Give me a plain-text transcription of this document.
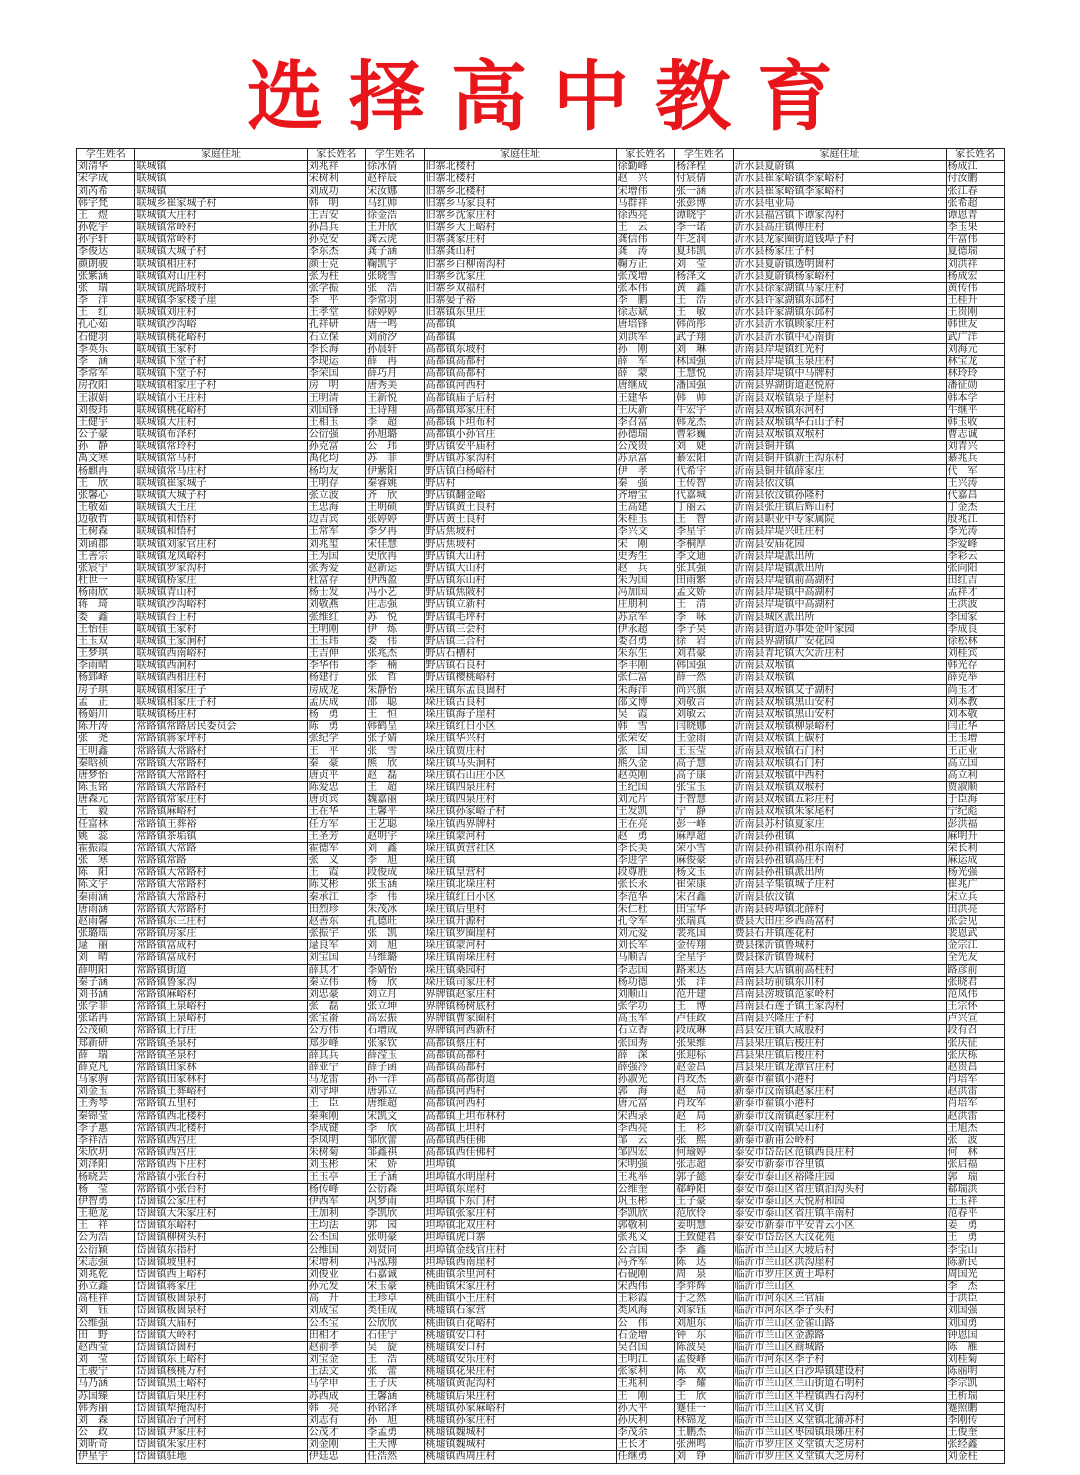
选择高中教育
学生姓名	家庭住址	家长姓名	学生姓名	家庭住址	家长姓名	学生姓名	家庭住址	家长姓名
刘清华	联城镇	刘兆祥	徐冰倩	旧寨北楼村	徐勤峰	杨泽程	沂水县夏蔚镇	杨成江
宋学成	联城镇	宋树利	赵梓辰	旧寨北楼村	赵　兴	付宸倩	沂水县崔家峪镇李家峪村	付汝鹏
刘芮希	联城镇	刘成功	宋汝娜	旧寨乡北楼村	宋增伟	张一涵	沂水县崔家峪镇李家峪村	张江春
韩宇梵	联城乡崔家城子村	韩　明	马红帅	旧寨乡马家良村	马群祥	张彭博	沂水县电业局	张希超
王　煜	联城镇大庄村	王吉安	徐金浩	旧寨乡沈家庄村	徐西亮	谭晓宇	沂水县福宫镇下谭家沟村	谭恩青
孙乾宇	联城镇常岭村	孙昌兵	王开欣	旧寨乡大上峪村	王　云	李一诺	沂水县高庄镇傅庄村	李玉果
孙宇轩	联城镇常岭村	孙克安	龚云虎	旧寨龚家庄村	龚信伟	牛芝润	沂水县龙家圈街道钱埠子村	牛富伟
李俊达	联城镇大城子村	李东杰	龚子涵	旧寨龚山村	龚　涛	夏玮凯	沂水县杨家庄子村	夏德瑞
颜朗骏	联城镇相庄村	颜士克	鞠凯宇	旧寨乡白柳南沟村	鞠方正	刘　莹	沂水县夏蔚镇透明崮村	刘洪祥
张紫涵	联城镇对山庄村	张为柱	张晓雪	旧寨乡沈家庄	张茂增	杨泽文	沂水县夏蔚镇杨家峪村	杨成宏
张　瑞	联城镇虎路坡村	张学振	张　浩	旧寨乡双福村	张本伟	黄　鑫	沂水县徐家湖镇马家庄村	黄传伟
李　洋	联城镇李家楼子崖	李　平	李常羽	旧寨晏子裕	李　鹏	王　浩	沂水县许家湖镇东邱村	王桂升
王　红	联城镇刘庄村	王孝堂	徐婷婷	旧寨镇东里庄	徐志斌	王　敏	沂水县许家湖镇东邱村	王贵刚
孔心茹	联城镇沙沟峪	孔祥研	唐一鸣	高都镇	唐培锋	韩尚彤	沂水县沂水镇顾家庄村	韩世友
石健羽	联城镇桃花峪村	石立保	刘俞汐	高都镇	刘洪军	武子翔	沂水县沂水镇中心南街	武广洋
李英乐	联城镇王家村	李长海	孙晨轩	高都镇东坡村	孙　刚	刘　琳	沂南县岸堤镇红光村	刘海元
李　涵	联城镇下堂子村	李现运	薛　冉	高都镇高都村	薛　军	林国强	沂南县岸堤镇玉泉庄村	林宝龙
李常军	联城镇下堂子村	李荣国	薛巧月	高都镇高都村	薛　蒙	王慧悦	沂南县岸堤镇中马牌村	林玲玲
房孜阳	联城镇相家庄子村	房　明	唐秀美	高都镇河西村	唐继成	潘国强	沂南县界湖街道赵悦府	潘征勋
王淑娟	联城镇小王庄村	王明清	王新悦	高都镇庙子后村	王建华	韩　帅	沂南县双堠镇泉子崖村	韩本学
刘俊玮	联城镇桃花峪村	刘国锋	王诗翔	高都镇郑家庄村	王庆新	牛宏宇	沂南县双堠镇东河村	牛继平
王健宇	联城镇大庄村	王相玉	李　超	高都镇下坦布村	李召富	韩龙杰	沂南县双堠镇华石山子村	韩玉收
公子豪	联城镇布泽村	公衍强	孙旭璐	高都镇小孙官庄	孙德瑞	曹彩巍	沂南县双堠镇双堠村	曹志诚
孙　静	联城镇常玲村	孙克富	公　玮	野店镇安平庙村	公茂贵	刘　婕	沂南县铜井镇	刘青兴
禹文寒	联城镇常马村	禹化均	苏　菲	野店镇苏家沟村	苏京富	綦宏阳	沂南县铜井镇新王沟东村	綦兆兵
杨麒冉	联城镇常马庄村	杨均友	伊紫阳	野店镇白杨峪村	伊　孝	代希宇	沂南县铜井镇薛家庄	代　军
王　欣	联城镇崔家城子	王明存	秦睿姚	野店村	秦　强	王传智	沂南县依汶镇	王兴涛
张馨心	联城镇大城子村	张立波	齐　欣	野店镇翻金峪	齐增宝	代嘉城	沂南县依汶镇孙隆村	代嘉昌
王敬茹	联城镇大王庄	王忠海	王明硕	野店镇黄土良村	王高建	丁丽云	沂南县张庄镇后辉山村	丁金杰
边敬哲	联城镇和悟村	边吉宾	张婷婷	野店黄土良村	朱桂玉	王　智	沂南县职业中专家属院	殷兆江
王树森	联城镇和悟村	王常军	李夕冉	野店焦坡村	李兴文	李星宇	沂南县岸堤兴旺庄村	李光涛
刘函郡	联城镇刘家官庄村	刘兆玺	宋佳慧	野店焦坡村	宋　刚	李桐厚	沂南县安庙花园	李爱峰
王善宗	联城镇龙凤峪村	王为国	史欣冉	野店镇大山村	史秀生	李文迪	沂南县岸堤派出所	李彩云
张宸宁	联城镇罗家沟村	张秀爱	赵新运	野店镇大山村	赵　兵	张其强	沂南县岸堤镇派出所	张向阳
杜世一	联城镇桥家庄	杜富存	伊西盈	野店镇东山村	朱为国	田雨繁	沂南县岸堤镇前高湖村	田红吉
杨雨欣	联城镇青山村	杨士发	冯小艺	野店镇焦陂村	冯加国	孟文娇	沂南县岸堤镇中高湖村	孟祥才
蒋　琦	联城镇沙沟峪村	刘敬燕	庄志强	野店镇立新村	庄朋利	王　清	沂南县岸堤镇中高湖村	王洪波
娄　鑫	联城镇台上村	张维红	苏　悦	野店镇毛坪村	苏京军	李　咏	沂南县城区派出所	李国家
王怡佳	联城镇王家村	王明刚	伊　炼	野店镇三会村	伊永超	李子昊	沂南县街道办事处金叶家园	李成良
王玉双	联城镇王家涧村	王玉玮	娄　伟	野店镇三合村	娄召勇	徐　岩	沂南县界湖镇广安花园	徐松林
王梦琪	联城镇西南峪村	王吉伸	张兆杰	野店石槽村	朱东生	刘君豪	沂南县青坨镇大欠沂庄村	刘桂宾
李雨晴	联城镇西涧村	李华伟	李　楠	野店镇石良村	李丰刚	韩国强	沂南县双堠镇	韩光存
杨郅峰	联城镇西相庄村	杨建行	张　哲	野店镇樱桃峪村	张仁富	薛一然	沂南县双堠镇	薛克举
房子琪	联城镇相家庄子	房成龙	朱静怡	垛庄镇东孟良崮村	朱海洋	尚兴旗	沂南县双堠镇艾子湖村	尚玉才
孟　正	联城镇相家庄子村	孟庆成	邵　聪	垛庄镇古良村	邵文博	刘敬言	沂南县双堠镇黑山安村	刘本教
杨娟川	联城镇杨庄村	杨　勇	王　恒	垛庄镇海子崖村	吴　霞	刘敏云	沂南县双堠镇黑山安村	刘本敬
陈开涛	常路镇常路居民委员会	陈　勇	韩鹤呈	垛庄镇红日小区	韩　雪	闫晓娜	沂南县双堠镇柳泉峪村	闫正华
张　尧	常路镇蒋家坪村	张纪学	张子婧	垛庄镇华兴村	张荣安	王金雨	沂南县双堠镇上碳村	王玉增
王明鑫	常路镇大常路村	王　平	张　雪	垛庄镇贾庄村	张　国	王玉莹	沂南县双堠镇石门村	王正业
秦晗祯	常路镇大常路村	秦　豪	熊　欣	垛庄镇马头涧村	熊久金	高子慧	沂南县双堠镇石门村	高立国
唐梦怡	常路镇大常路村	唐贞平	赵　磊	垛庄镇石山庄小区	赵英刚	高子康	沂南县双堠镇中西村	高立利
陈玉铭	常路镇大常路村	陈爱忠	王　超	垛庄镇四泉庄村	王纪国	张宝玉	沂南县双堠镇双堠村	贾淑顺
唐森元	常路镇常家庄村	唐贞宾	魏嘉丽	垛庄镇四泉庄村	刘元片	于智慧	沂南县双堠镇五彩庄村	于臣海
王　毅	常路镇麻峪村	王在华	王馨平	垛庄镇孙家峪子村	王发凯	宁　静	沂南县双堠镇朱家尾村	宁纪彪
任富林	常路镇王葬裕	任方军	王艺聪	垛庄镇西界牌村	王在亮	彭一峰	沂南县苏村镇夏家庄	彭洪福
姚　蕊	常路镇茶垢镇	王圣芳	赵明宇	垛庄镇蒙河村	赵　勇	麻厚超	沂南县孙祖镇	麻明升
霍振霞	常路镇大常路	霍德军	刘　鑫	垛庄镇黄营社区	李长美	荣小雪	沂南县孙祖镇孙祖东南村	荣长利
张　寒	常路镇常路	张　义	李　旭	垛庄镇	李进学	麻俊豪	沂南县孙祖镇高庄村	麻运成
陈　阳	常路镇大常路村	王　霞	段俊成	垛庄镇皇营村	段尊胜	杨文玉	沂南县孙祖镇派出所	杨光强
陈文宇	常路镇大常路村	陈艾彬	张玉涵	垛庄镇北垛庄村	张长永	崔荣康	沂南县辛集镇城子庄村	崔兆广
秦雨涵	常路镇大常路村	秦承江	李　伟	垛庄镇红日小区	李范华	宋召鑫	沂南县依汶镇	宋立兵
唐雨涵	常路镇大常路村	田烈珍	朱茂冰	垛庄镇后里村	朱仁杜	田宝华	沂南县砖埠镇北薛村	田洪亮
赵雨馨	常路镇东三庄村	赵善东	孔德旺	垛庄镇开源村	孔令军	张瑞真	费县大田庄乡西高富村	张会见
张璐瑶	常路镇房家庄	张振宇	张　凯	垛庄镇罗圈崖村	刘元爱	裴兆国	费县石井镇莲花村	裴恩武
逯　丽	常路镇富成村	逯良军	刘　旭	垛庄镇蒙河村	刘长军	金传翔	费县探沂镇鲁城村	金宗江
刘　晴	常路镇富成村	刘宝国	马维璐	垛庄镇南垛庄村	马顺吉	全星宇	费县探沂镇鲁城村	全先友
薛明阳	常路镇街道	薛其才	李婧怡	垛庄镇桑园村	李志国	路来达	莒南县大店镇前高柱村	路彦前
秦子涵	常路镇鲁家沟	秦立伟	杨　欣	垛庄镇司家庄村	杨功德	张　洋	莒南县坊前镇东川村	张晓君
刘书涵	常路镇麻峪村	刘忠豪	刘立月	界牌镇赵家庄村	刘顺山	范开建	莒南县涝坡镇范家岭村	范凤伟
张学菲	常路镇上泉峪村	张　磊	张立坤	界牌镇杨树底村	张学功	王　博	莒南县石莲子镇王家沟村	王宗怀
张诺冉	常路镇上泉峪村	张宝嵛	高宏振	界牌镇曹家圈村	高玉军	卢佳政	莒南县兴隆庄子村	卢兴宣
公茂硕	常路镇上行庄	公方伟	石增成	界牌镇河西新村	石立香	段成琳	莒县安庄镇大咸股村	段有召
郑新研	常路镇圣泉村	郑步峰	张家钦	高都镇蔡庄村	张国秀	张果维	莒县果庄镇后梭庄村	张庆征
薛　瑞	常路镇圣泉村	薛其兵	薛滢玉	高都镇高都村	薛　深	张迎标	莒县果庄镇后梭庄村	张庆栋
薛克凡	常路镇田家林	薛亚宁	薛子函	高都镇高都村	薛强冷	赵金昌	莒县果庄镇龙潭官庄村	赵贵昌
马家驹	常路镇田家林村	马龙雷	孙一洋	高都镇高都街道	孙淑光	肖玫杰	新泰市翟镇小港村	肖培军
刘金玉	常路镇王葬峪村	刘守坤	唐郭立	高都镇河西村	郭　海	赵　局	新泰市汶南镇赵家庄村	赵洪雷
王秀琴	常路镇五里村	王　臣	唐维超	高都镇河西村	唐元富	肖玫军	新泰市翟镇小港村	肖培军
秦锦莹	常路镇西北楼村	秦乘刚	宋凯文	高都镇上坦布林村	宋西录	赵　局	新泰市汶南镇赵家庄村	赵洪雷
李子惠	常路镇西北楼村	李成键	李　欣	高都镇上坦村	李西亮	王　杉	新泰市汶南镇吴山村	王旭杰
李祥洁	常路镇西宫庄	李凤明	邹欣蕾	高都镇西佳佛	邹　云	张　熙	新泰市新甫公岭村	张　波
朱欣玥	常路镇西宫庄	朱树菊	邹鑫祺	高都镇西佳佛村	邹四宏	何瑜婷	泰安市岱岳区范镇西良庄村	何　林
刘泽阳	常路镇西下庄村	刘玉彬	宋　娇	坦埠镇	宋明强	张志超	泰安市新泰市谷里镇	张启福
杨晓芸	常路镇小张台村	王玉亭	王子涵	坦埠镇水明崖村	王兆举	郭子懿	泰安市泰山区裕隆庄园	郭　瑞
杨　莹	常路镇小张台村	杨传峰	公衍森	坦埠镇东崖村	公维奎	郗峥阳	泰安市泰山区省庄镇泊沟头村	郗瑞洪
伊智勇	岱崮镇公家庄村	伊西军	巩梦雨	坦埠镇下东门村	巩玉彬	王子豪	泰安市泰山区天悦府和园	王玉祥
王艳龙	岱崮镇大朱家庄村	王加利	李凯欣	坦埠镇张家庄村	李凯欣	范欣伶	泰安市泰山区省庄镇羊南村	范春平
王　祥	岱崮镇东峪村	王均法	郭　园	坦埠镇北双庄村	郭敬利	姜明慧	泰安市新泰市平安青云小区	姜　勇
公为浩	岱崮镇柳树头村	公丕国	张明豪	坦埠镇虎口寨	张兆义	王致健君	泰安市岱岳区大汶花苑	王　勇
公衍颖	岱崮镇东指村	公维国	刘贤同	坦埠镇金线官庄村	公言国	李　鑫	临沂市兰山区大坡后村	李宝山
宋志强	岱崮镇坡里村	宋增利	冯泓翔	坦埠镇西南崖村	冯齐军	陈　达	临沂市兰山区洪沟崖村	陈新民
刘兆乾	岱崮镇西上峪村	刘俊业	石嘉诚	桃曲镇余里河村	石砚刚	周　泉	临沂市罗庄区黄土埠村	周国光
孙立鑫	岱崮镇蒋家庄	孙元发	宋玉豪	桃曲镇宋家庄村	宋西伟	李弈辉	临沂市兰山区	李　杰
高桂祥	岱崮镇板崮泉村	高　升	王珍卓	桃曲镇小王庄村	王彩霞	于之然	临沂市河东区三官庙	于洪臣
刘　钰	岱崮镇板崮泉村	刘成宝	类佳成	桃墟镇石家营	类风海	刘家钰	临沂市河东区李子头村	刘国强
公维强	岱崮镇大庙村	公丕宝	公欣欣	桃曲镇百花峪村	公　伟	刘旭东	临沂市兰山区金雀山路	刘国勇
田　野	岱崮镇大岭村	田相才	石佳宁	桃墟镇安口村	石金增	钟　东	临沂市兰山区金源路	钟恩国
赵西莹	岱崮镇岱崮村	赵前孝	吴　旋	桃墟镇安口村	吴召国	陈波昊	临沂市兰山区商城路	陈　雁
刘　莹	岱崮镇东上峪村	刘宝金	王　浩	桃墟镇安乐庄村	王明江	孟俊峰	临沂市河东区李子村	刘桂菊
王骏宁	岱崮镇核桃万村	王法文	张　蕾	桃墟镇花果庄村	张家利	陈　欢	临沂市兰山区白沙埠镇建设村	陈丽明
马乃涵	岱崮镇黑土峪村	马学申	王子庆	桃墟镇黄泥沟村	王兆利	李　耀	临沂市兰山区兰山街道石明村	李宗凯
苏国臻	岱崮镇后果庄村	苏西成	王馨涵	桃墟镇后果庄村	王　刚	王　欣	临沂市兰山区半程镇西石沟村	王析瑞
韩秀丽	岱崮镇犁掩沟村	韩　亮	孙铭泽	桃墟镇孙家麻峪村	孙大平	蹇佳一	临沂市兰山区官义街	蹇照鹏
刘　森	岱崮镇冶子河村	刘志有	孙　旭	桃墟镇孙家庄村	孙庆利	林锦龙	临沂市兰山区义堂镇北蒲苏村	李刚传
公　政	岱崮镇尹家庄村	公茂才	李孟勇	桃墟镇魏城村	李茂余	王鹏杰	临沂市兰山区枣园镇琅琊庄村	王俊奎
刘昕奇	岱崮镇朱家庄村	刘金刚	王天博	桃墟镇魏城村	王长才	张洲鸣	临沂市罗庄区义堂镇大芝房村	张经鑫
伊星宇	岱崮镇驻地	伊廷忠	任浩然	桃墟镇西周庄村	任继勇	刘　铮	临沂市罗庄区义堂镇大芝房村	刘金柱
